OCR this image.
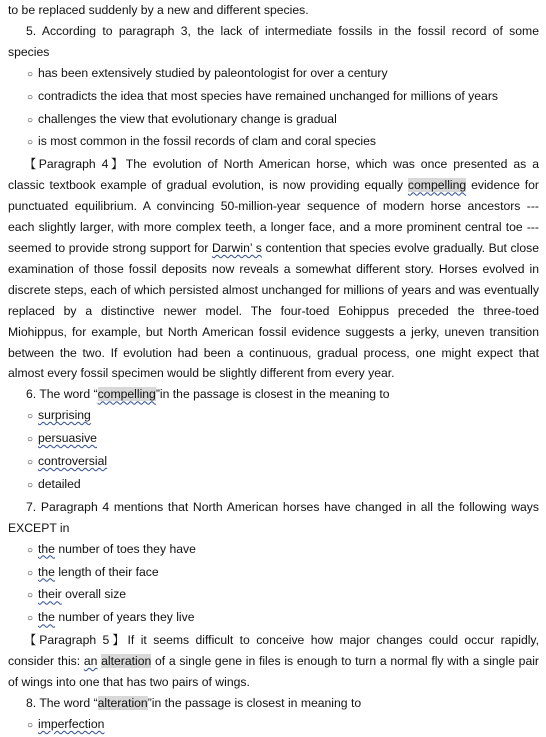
to be replaced suddenly by a new and different species.
5. According to paragraph 3, the lack of intermediate fossils in the fossil record of some
species
○ has been extensively studied by paleontologist for over a century
○ contradicts the idea that most species have remained unchanged for millions of years
○ challenges the view that evolutionary change is gradual
○ is most common in the fossil records of clam and coral species
【Paragraph 4】The evolution of North American horse, which was once presented as a
classic textbook example of gradual evolution, is now providing equally compelling evidence for
punctuated equilibrium. A convincing 50-million-year sequence of modern horse ancestors ---
each slightly larger, with more complex teeth, a longer face, and a more prominent central toe ---
seemed to provide strong support for Darwin’ s contention that species evolve gradually. But close
examination of those fossil deposits now reveals a somewhat different story. Horses evolved in
discrete steps, each of which persisted almost unchanged for millions of years and was eventually
replaced by a distinctive newer model. The four-toed Eohippus preceded the three-toed
Miohippus, for example, but North American fossil evidence suggests a jerky, uneven transition
between the two. If evolution had been a continuous, gradual process, one might expect that
almost every fossil specimen would be slightly different from every year.
6. The word “compelling”in the passage is closest in the meaning to
○ surprising
○ persuasive
○ controversial
○ detailed
7. Paragraph 4 mentions that North American horses have changed in all the following ways
EXCEPT in
○ the number of toes they have
○ the length of their face
○ their overall size
○ the number of years they live
【Paragraph 5】If it seems difficult to conceive how major changes could occur rapidly,
consider this: an alteration of a single gene in files is enough to turn a normal fly with a single pair
of wings into one that has two pairs of wings.
8. The word “alteration”in the passage is closest in meaning to
○ imperfection
